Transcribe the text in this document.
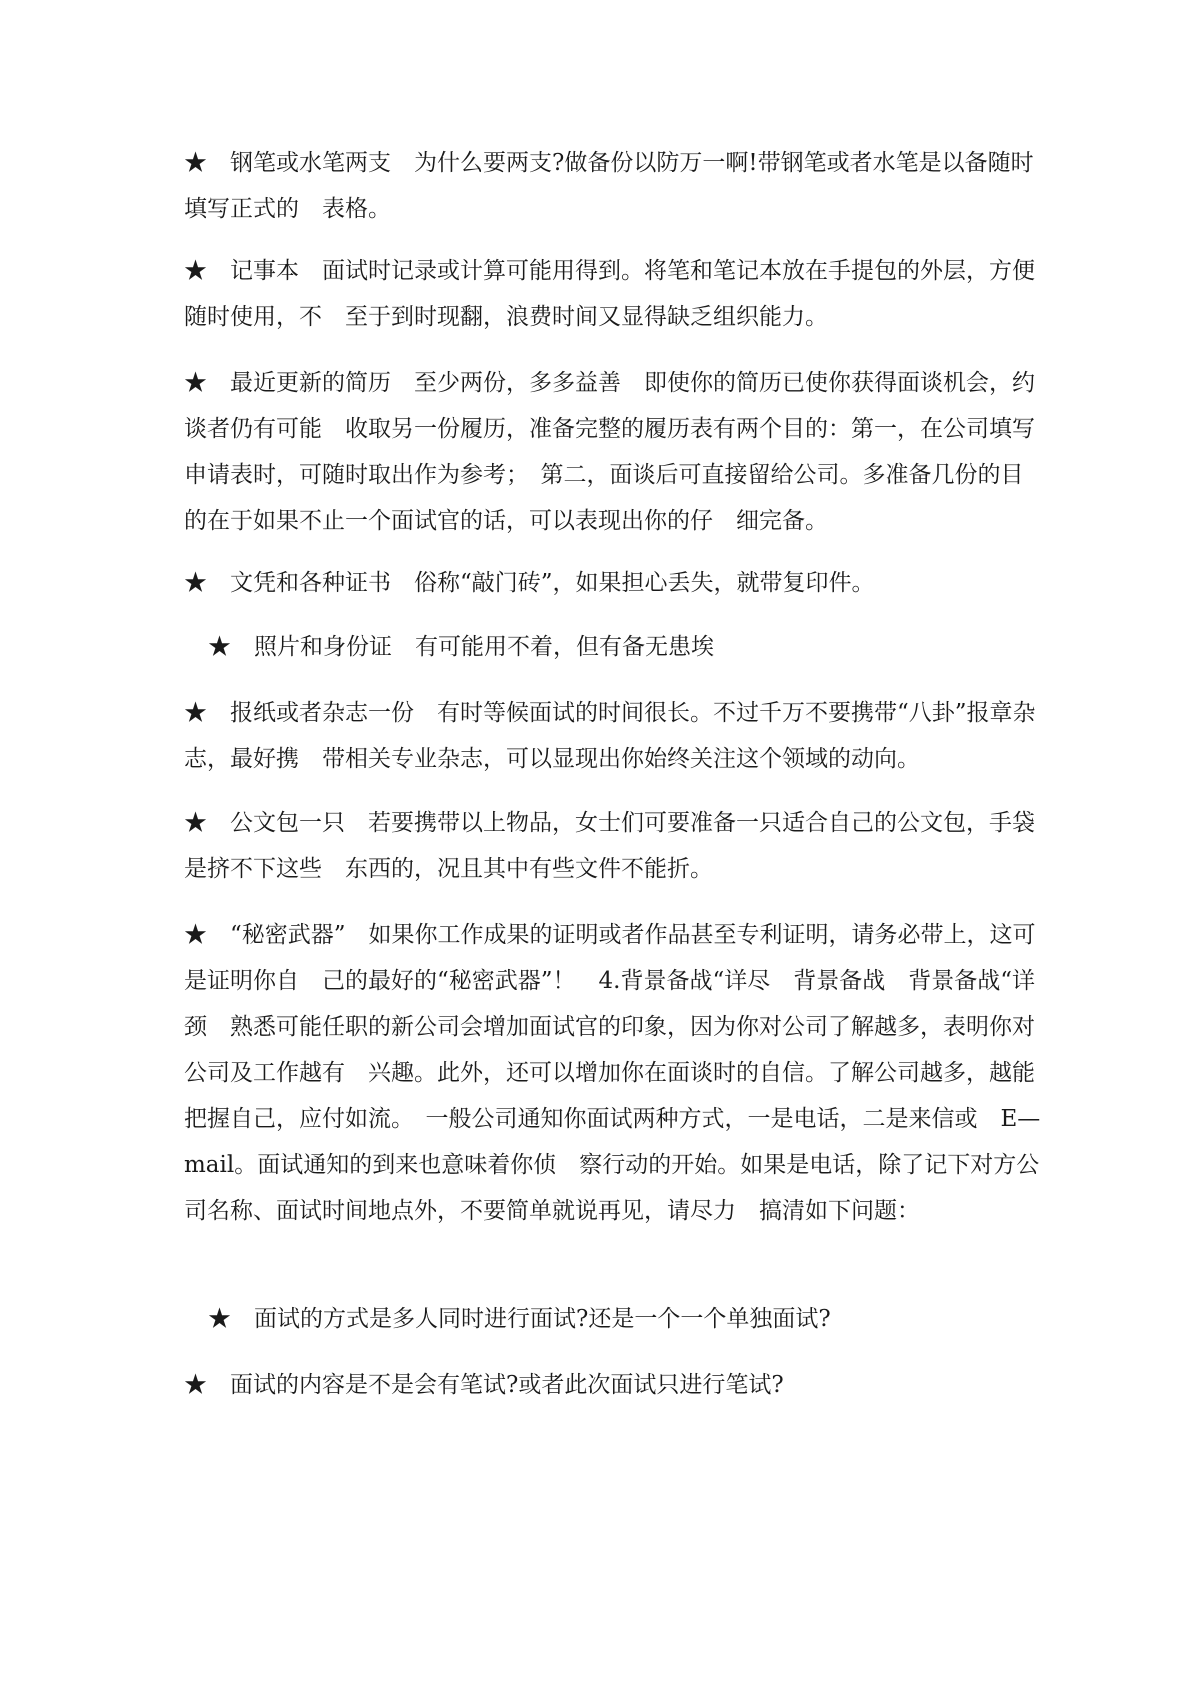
★　钢笔或水笔两支　为什么要两支?做备份以防万一啊!带钢笔或者水笔是以备随时填写正式的　表格。

★　记事本　面试时记录或计算可能用得到。将笔和笔记本放在手提包的外层，方便随时使用，不　至于到时现翻，浪费时间又显得缺乏组织能力。

★　最近更新的简历　至少两份，多多益善　即使你的简历已使你获得面谈机会，约谈者仍有可能　收取另一份履历，准备完整的履历表有两个目的：第一，在公司填写申请表时，可随时取出作为参考；　第二，面谈后可直接留给公司。多准备几份的目的在于如果不止一个面试官的话，可以表现出你的仔　细完备。

★　文凭和各种证书　俗称“敲门砖”，如果担心丢失，就带复印件。

★　照片和身份证　有可能用不着，但有备无患埃

★　报纸或者杂志一份　有时等候面试的时间很长。不过千万不要携带“八卦”报章杂志，最好携　带相关专业杂志，可以显现出你始终关注这个领域的动向。

★　公文包一只　若要携带以上物品，女士们可要准备一只适合自己的公文包，手袋是挤不下这些　东西的，况且其中有些文件不能折。

★　“秘密武器”　如果你工作成果的证明或者作品甚至专利证明，请务必带上，这可是证明你自　己的最好的“秘密武器”！　4.背景备战“详尽　背景备战　背景备战“详颈　熟悉可能任职的新公司会增加面试官的印象，因为你对公司了解越多，表明你对公司及工作越有　兴趣。此外，还可以增加你在面谈时的自信。了解公司越多，越能把握自己，应付如流。　一般公司通知你面试两种方式，一是电话，二是来信或　E—mail。面试通知的到来也意味着你侦　察行动的开始。如果是电话，除了记下对方公司名称、面试时间地点外，不要简单就说再见，请尽力　搞清如下问题：

★　面试的方式是多人同时进行面试?还是一个一个单独面试?

★　面试的内容是不是会有笔试?或者此次面试只进行笔试?
